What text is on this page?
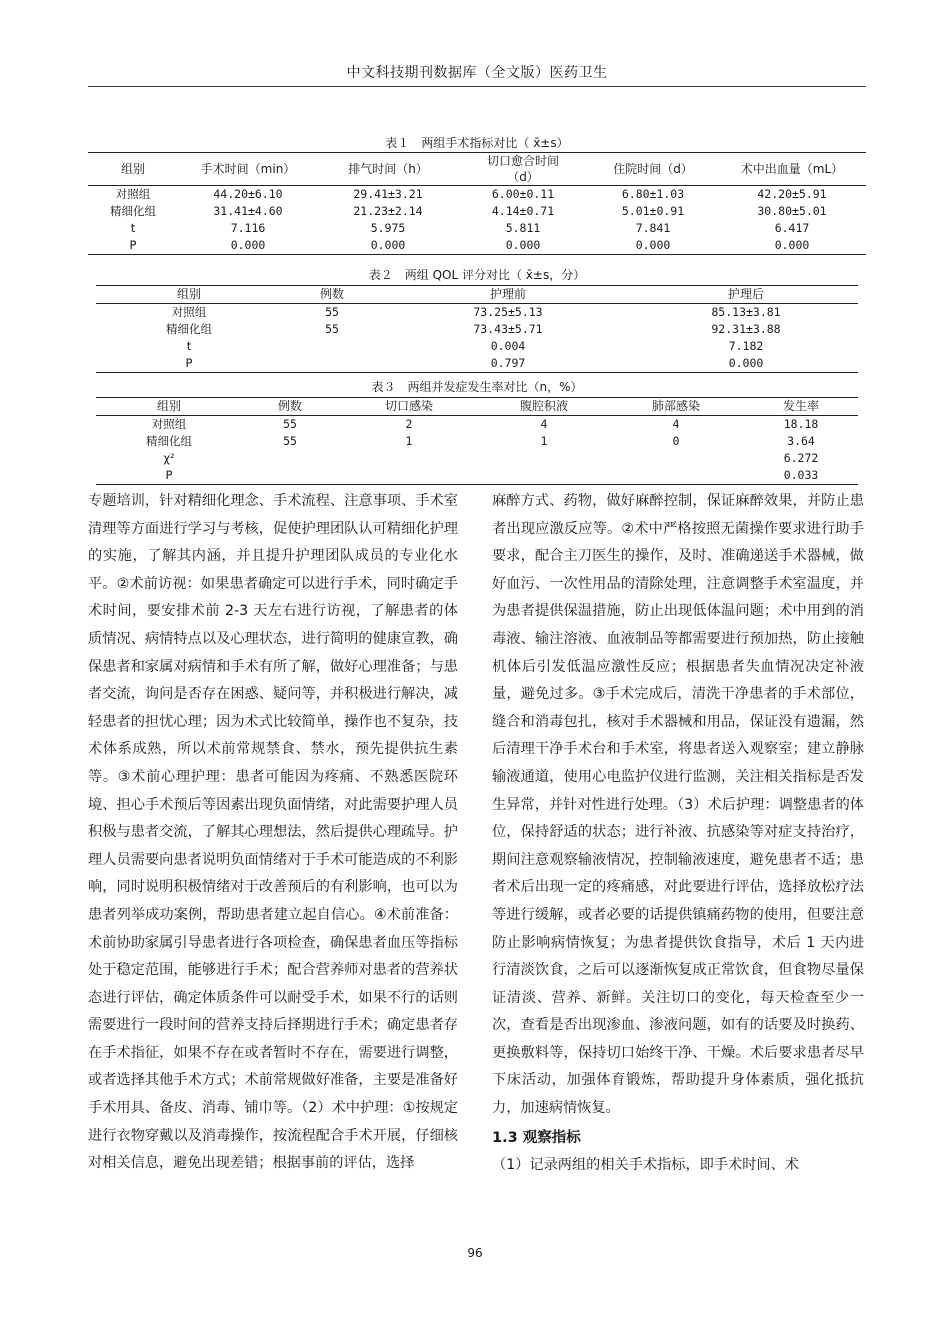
中文科技期刊数据库（全文版）医药卫生
表１　两组手术指标对比（ x̄±s）
组别	手术时间（min）	排气时间（h）	切口愈合时间
（d）	住院时间（d）	术中出血量（mL）
对照组	44.20±6.10	29.41±3.21	6.00±0.11	6.80±1.03	42.20±5.91
精细化组	31.41±4.60	21.23±2.14	4.14±0.71	5.01±0.91	30.80±5.01
t	7.116	5.975	5.811	7.841	6.417
P	0.000	0.000	0.000	0.000	0.000
表２　两组 QOL 评分对比（ x̄±s，分）
组别	例数	护理前	护理后
对照组	55	73.25±5.13	85.13±3.81
精细化组	55	73.43±5.71	92.31±3.88
t		0.004	7.182
P		0.797	0.000
表３　两组并发症发生率对比（n，%）
组别	例数	切口感染	腹腔积液	肺部感染	发生率
对照组	55	2	4	4	18.18
精细化组	55	1	1	0	3.64
χ²					6.272
P					0.033

专题培训，针对精细化理念、手术流程、注意事项、手术室清理等方面进行学习与考核，促使护理团队认可精细化护理的实施，了解其内涵，并且提升护理团队成员的专业化水平。②术前访视：如果患者确定可以进行手术，同时确定手术时间，要安排术前 2-3 天左右进行访视，了解患者的体质情况、病情特点以及心理状态，进行简明的健康宣教，确保患者和家属对病情和手术有所了解，做好心理准备；与患者交流，询问是否存在困惑、疑问等，并积极进行解决，减轻患者的担忧心理；因为术式比较简单，操作也不复杂，技术体系成熟，所以术前常规禁食、禁水，预先提供抗生素等。③术前心理护理：患者可能因为疼痛、不熟悉医院环境、担心手术预后等因素出现负面情绪，对此需要护理人员积极与患者交流，了解其心理想法，然后提供心理疏导。护理人员需要向患者说明负面情绪对于手术可能造成的不利影响，同时说明积极情绪对于改善预后的有利影响，也可以为患者列举成功案例，帮助患者建立起自信心。④术前准备：术前协助家属引导患者进行各项检查，确保患者血压等指标处于稳定范围，能够进行手术；配合营养师对患者的营养状态进行评估，确定体质条件可以耐受手术，如果不行的话则需要进行一段时间的营养支持后择期进行手术；确定患者存在手术指征，如果不存在或者暂时不存在，需要进行调整，或者选择其他手术方式；术前常规做好准备，主要是准备好手术用具、备皮、消毒、铺巾等。（2）术中护理：①按规定进行衣物穿戴以及消毒操作，按流程配合手术开展，仔细核对相关信息，避免出现差错；根据事前的评估，选择

麻醉方式、药物，做好麻醉控制，保证麻醉效果，并防止患者出现应激反应等。②术中严格按照无菌操作要求进行助手要求，配合主刀医生的操作，及时、准确递送手术器械，做好血污、一次性用品的清除处理，注意调整手术室温度，并为患者提供保温措施，防止出现低体温问题；术中用到的消毒液、输注溶液、血液制品等都需要进行预加热，防止接触机体后引发低温应激性反应；根据患者失血情况决定补液量，避免过多。③手术完成后，清洗干净患者的手术部位，缝合和消毒包扎，核对手术器械和用品，保证没有遗漏，然后清理干净手术台和手术室，将患者送入观察室；建立静脉输液通道，使用心电监护仪进行监测，关注相关指标是否发生异常，并针对性进行处理。（3）术后护理：调整患者的体位，保持舒适的状态；进行补液、抗感染等对症支持治疗，期间注意观察输液情况，控制输液速度，避免患者不适；患者术后出现一定的疼痛感，对此要进行评估，选择放松疗法等进行缓解，或者必要的话提供镇痛药物的使用，但要注意防止影响病情恢复；为患者提供饮食指导，术后 1 天内进行清淡饮食，之后可以逐渐恢复成正常饮食，但食物尽量保证清淡、营养、新鲜。关注切口的变化，每天检查至少一次，查看是否出现渗血、渗液问题，如有的话要及时换药、更换敷料等，保持切口始终干净、干燥。术后要求患者尽早下床活动，加强体育锻炼，帮助提升身体素质，强化抵抗力，加速病情恢复。

1.3 观察指标

（1）记录两组的相关手术指标，即手术时间、术

96
